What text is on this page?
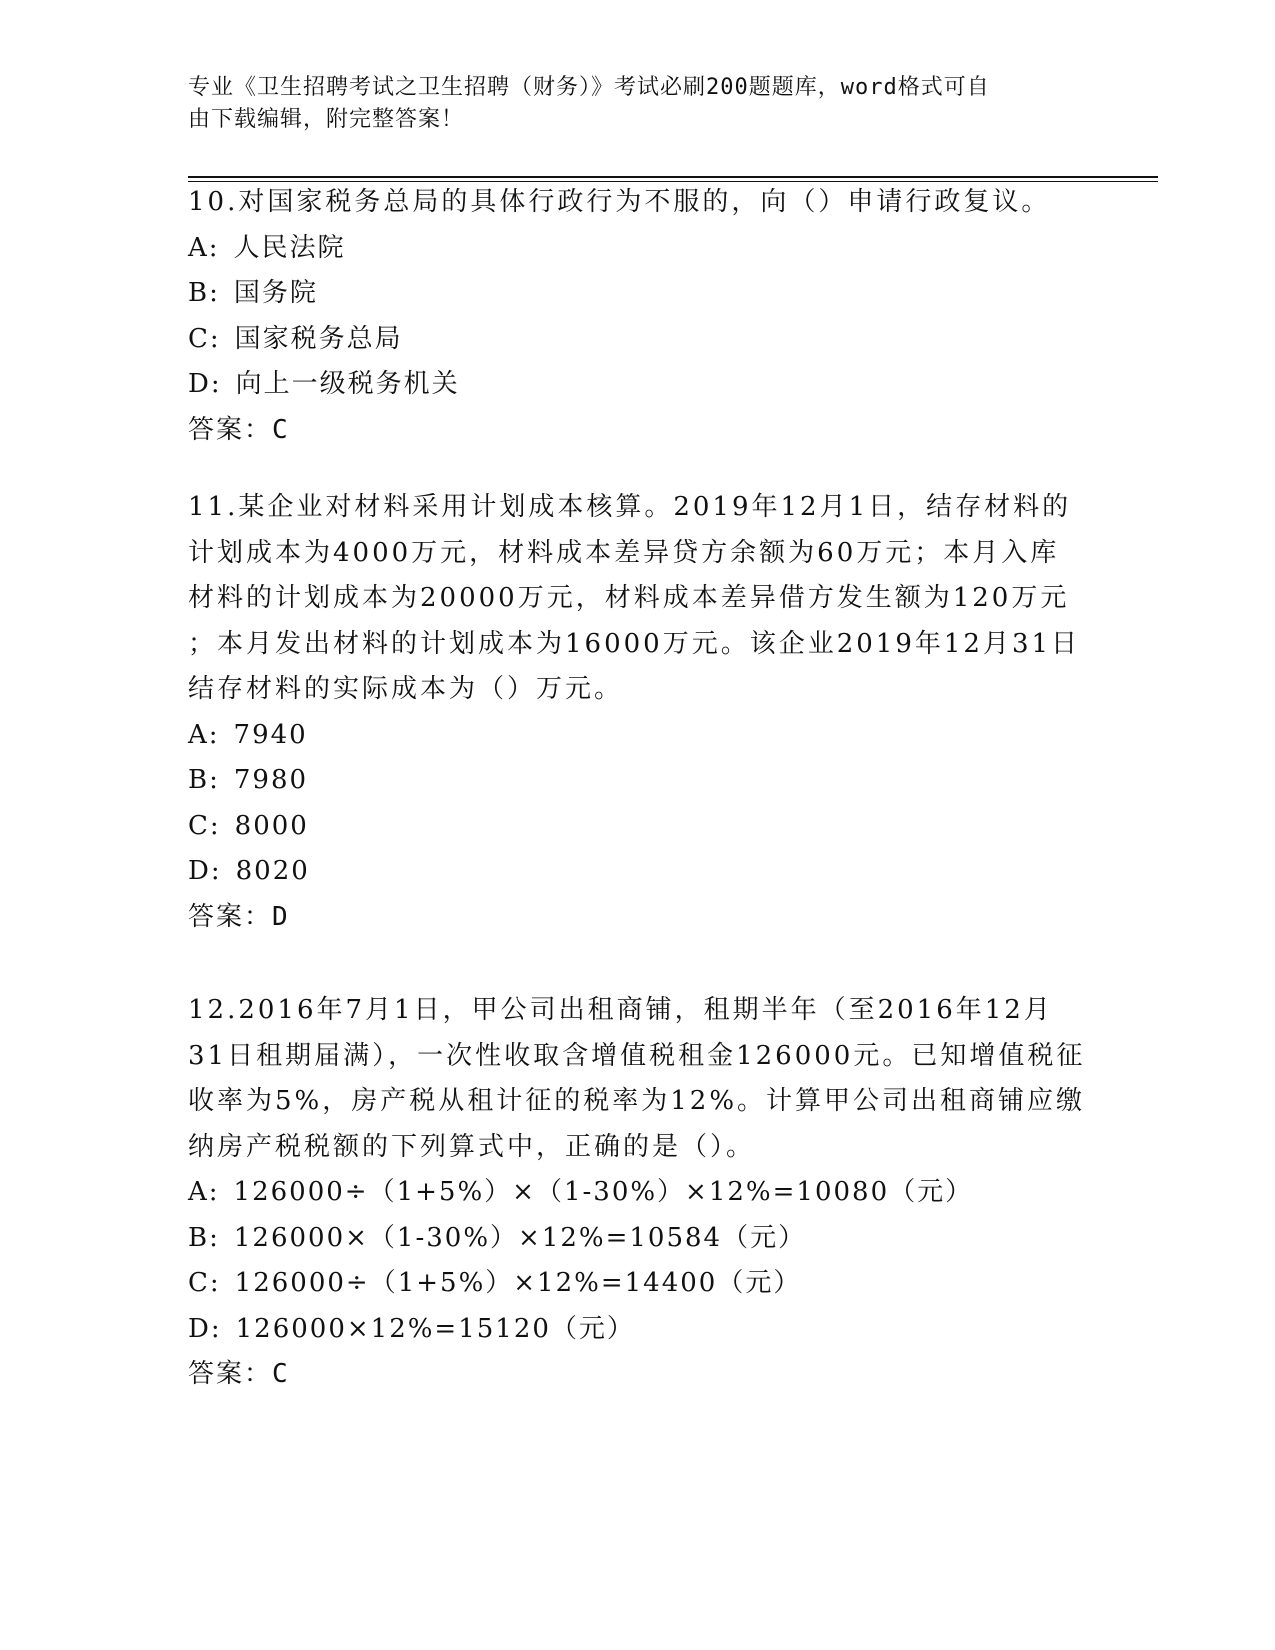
专业《卫生招聘考试之卫生招聘（财务）》考试必刷200题题库，word格式可自
由下载编辑，附完整答案！
10.对国家税务总局的具体行政行为不服的，向（）申请行政复议。
A: 人民法院
B: 国务院
C: 国家税务总局
D: 向上一级税务机关
答案：C
11.某企业对材料采用计划成本核算。2019年12月1日，结存材料的
计划成本为4000万元，材料成本差异贷方余额为60万元；本月入库
材料的计划成本为20000万元，材料成本差异借方发生额为120万元
；本月发出材料的计划成本为16000万元。该企业2019年12月31日
结存材料的实际成本为（）万元。
A: 7940
B: 7980
C: 8000
D: 8020
答案：D
12.2016年7月1日，甲公司出租商铺，租期半年（至2016年12月
31日租期届满），一次性收取含增值税租金126000元。已知增值税征
收率为5%，房产税从租计征的税率为12%。计算甲公司出租商铺应缴
纳房产税税额的下列算式中，正确的是（）。
A: 126000÷（1+5%）×（1-30%）×12%=10080（元）
B: 126000×（1-30%）×12%=10584（元）
C: 126000÷（1+5%）×12%=14400（元）
D: 126000×12%=15120（元）
答案：C
